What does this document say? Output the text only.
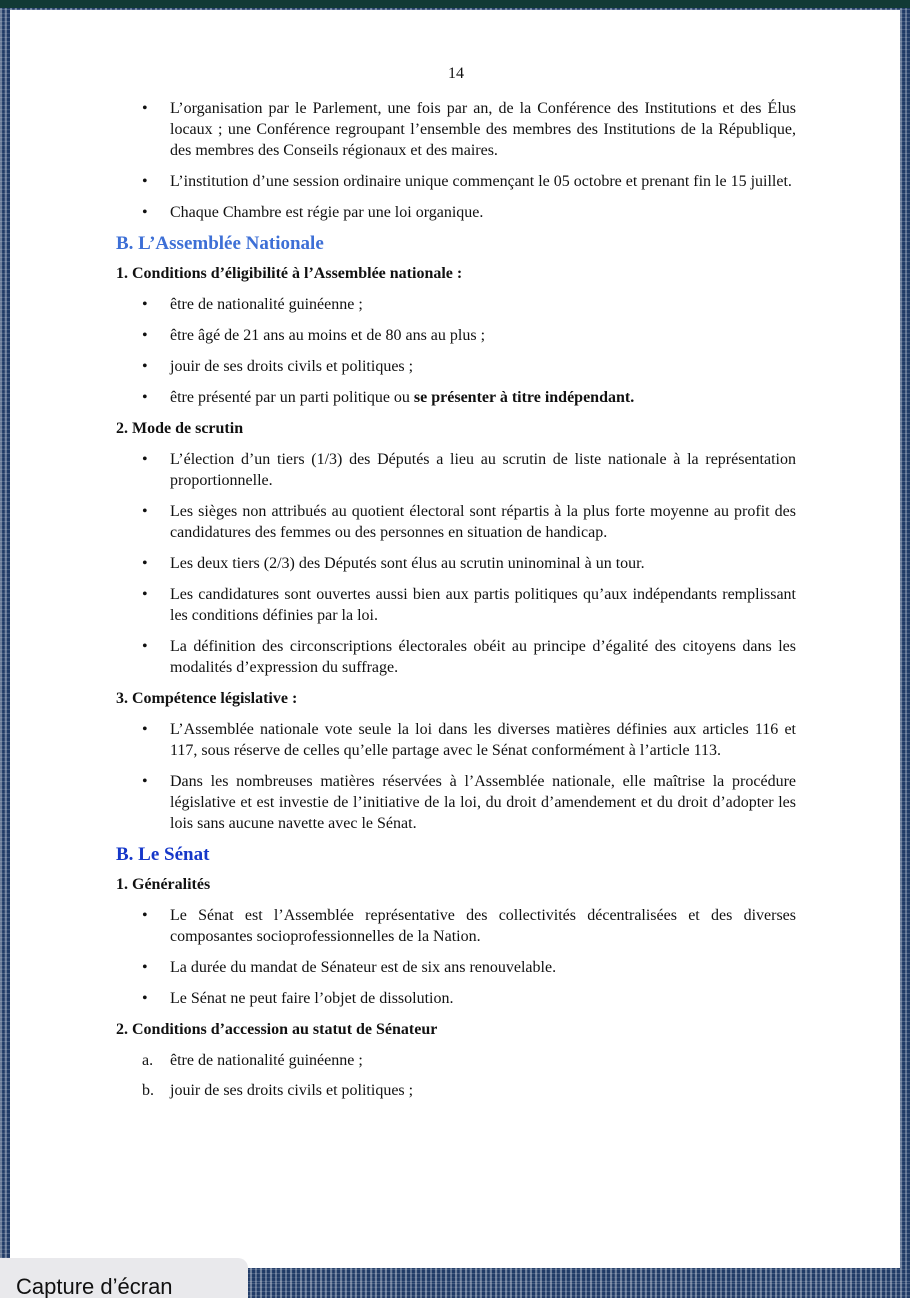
14
• L’organisation par le Parlement, une fois par an, de la Conférence des Institutions et des Élus locaux ; une Conférence regroupant l’ensemble des membres des Institutions de la République, des membres des Conseils régionaux et des maires.
• L’institution d’une session ordinaire unique commençant le 05 octobre et prenant fin le 15 juillet.
• Chaque Chambre est régie par une loi organique.
B. L’Assemblée Nationale
1. Conditions d’éligibilité à l’Assemblée nationale :
• être de nationalité guinéenne ;
• être âgé de 21 ans au moins et de 80 ans au plus ;
• jouir de ses droits civils et politiques ;
• être présenté par un parti politique ou se présenter à titre indépendant.
2. Mode de scrutin
• L’élection d’un tiers (1/3) des Députés a lieu au scrutin de liste nationale à la représentation proportionnelle.
• Les sièges non attribués au quotient électoral sont répartis à la plus forte moyenne au profit des candidatures des femmes ou des personnes en situation de handicap.
• Les deux tiers (2/3) des Députés sont élus au scrutin uninominal à un tour.
• Les candidatures sont ouvertes aussi bien aux partis politiques qu’aux indépendants remplissant les conditions définies par la loi.
• La définition des circonscriptions électorales obéit au principe d’égalité des citoyens dans les modalités d’expression du suffrage.
3. Compétence législative :
• L’Assemblée nationale vote seule la loi dans les diverses matières définies aux articles 116 et 117, sous réserve de celles qu’elle partage avec le Sénat conformément à l’article 113.
• Dans les nombreuses matières réservées à l’Assemblée nationale, elle maîtrise la procédure législative et est investie de l’initiative de la loi, du droit d’amendement et du droit d’adopter les lois sans aucune navette avec le Sénat.
B. Le Sénat
1. Généralités
• Le Sénat est l’Assemblée représentative des collectivités décentralisées et des diverses composantes socioprofessionnelles de la Nation.
• La durée du mandat de Sénateur est de six ans renouvelable.
• Le Sénat ne peut faire l’objet de dissolution.
2. Conditions d’accession au statut de Sénateur
a. être de nationalité guinéenne ;
b. jouir de ses droits civils et politiques ;
Capture d’écran
